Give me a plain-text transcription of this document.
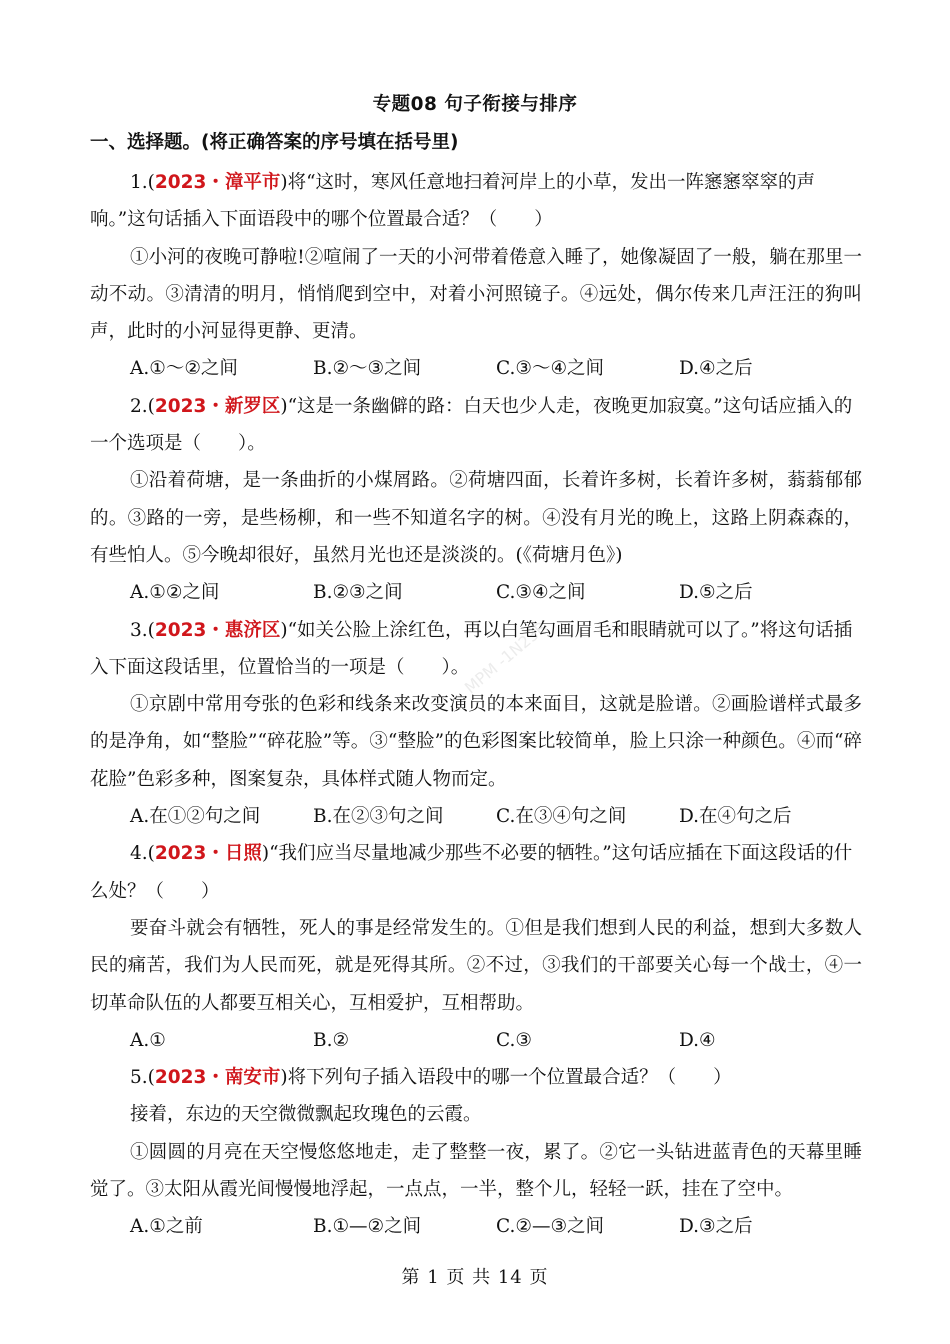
专题08 句子衔接与排序
一、选择题。(将正确答案的序号填在括号里)

1.(2023・漳平市)将“这时，寒风任意地扫着河岸上的小草，发出一阵窸窸窣窣的声响。”这句话插入下面语段中的哪个位置最合适？（　　）

①小河的夜晚可静啦!②喧闹了一天的小河带着倦意入睡了，她像凝固了一般，躺在那里一动不动。③清清的明月，悄悄爬到空中，对着小河照镜子。④远处，偶尔传来几声汪汪的狗叫声，此时的小河显得更静、更清。

A.①～②之间	B.②～③之间	C.③～④之间	D.④之后

2.(2023・新罗区)“这是一条幽僻的路：白天也少人走，夜晚更加寂寞。”这句话应插入的一个选项是（　　）。

①沿着荷塘，是一条曲折的小煤屑路。②荷塘四面，长着许多树，长着许多树，蓊蓊郁郁的。③路的一旁，是些杨柳，和一些不知道名字的树。④没有月光的晚上，这路上阴森森的，有些怕人。⑤今晚却很好，虽然月光也还是淡淡的。(《荷塘月色》)

A.①②之间	B.②③之间	C.③④之间	D.⑤之后

3.(2023・惠济区)“如关公脸上涂红色，再以白笔勾画眉毛和眼睛就可以了。”将这句话插入下面这段话里，位置恰当的一项是（　　）。

①京剧中常用夸张的色彩和线条来改变演员的本来面目，这就是脸谱。②画脸谱样式最多的是净角，如“整脸”“碎花脸”等。③“整脸”的色彩图案比较简单，脸上只涂一种颜色。④而“碎花脸”色彩多种，图案复杂，具体样式随人物而定。

A.在①②句之间	B.在②③句之间	C.在③④句之间	D.在④句之后

4.(2023・日照)“我们应当尽量地减少那些不必要的牺牲。”这句话应插在下面这段话的什么处？（　　）

要奋斗就会有牺牲，死人的事是经常发生的。①但是我们想到人民的利益，想到大多数人民的痛苦，我们为人民而死，就是死得其所。②不过，③我们的干部要关心每一个战士，④一切革命队伍的人都要互相关心，互相爱护，互相帮助。

A.①	B.②	C.③	D.④

5.(2023・南安市)将下列句子插入语段中的哪一个位置最合适？（　　）

接着，东边的天空微微飘起玫瑰色的云霞。

①圆圆的月亮在天空慢悠悠地走，走了整整一夜，累了。②它一头钻进蓝青色的天幕里睡觉了。③太阳从霞光间慢慢地浮起，一点点，一半，整个儿，轻轻一跃，挂在了空中。

A.①之前	B.①—②之间	C.②—③之间	D.③之后
MPM -1N23R
第 1 页 共 14 页
